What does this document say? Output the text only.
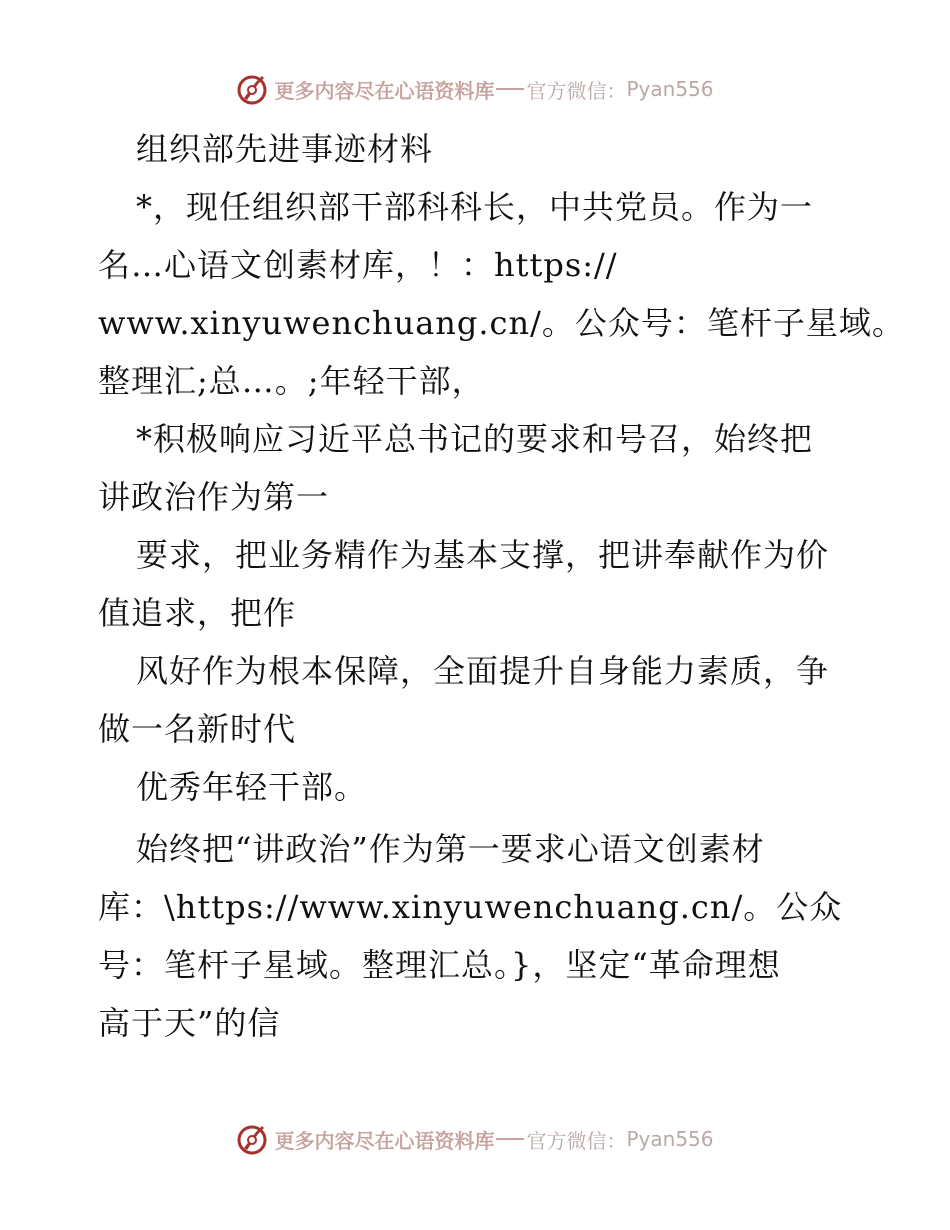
更多内容尽在心语资料库 官方微信： Pyan556
组织部先进事迹材料
*，现任组织部干部科科长，中共党员。作为一
名…心语文创素材库，！：https://
www.xinyuwenchuang.cn/。公众号：笔杆子星域。
整理汇;总…。;年轻干部，
*积极响应习近平总书记的要求和号召，始终把
讲政治作为第一
要求，把业务精作为基本支撑，把讲奉献作为价
值追求，把作
风好作为根本保障，全面提升自身能力素质，争
做一名新时代
优秀年轻干部。
始终把“讲政治”作为第一要求心语文创素材
库：\https://www.xinyuwenchuang.cn/。公众
号：笔杆子星域。整理汇总。}，坚定“革命理想
高于天”的信
更多内容尽在心语资料库 官方微信： Pyan556
